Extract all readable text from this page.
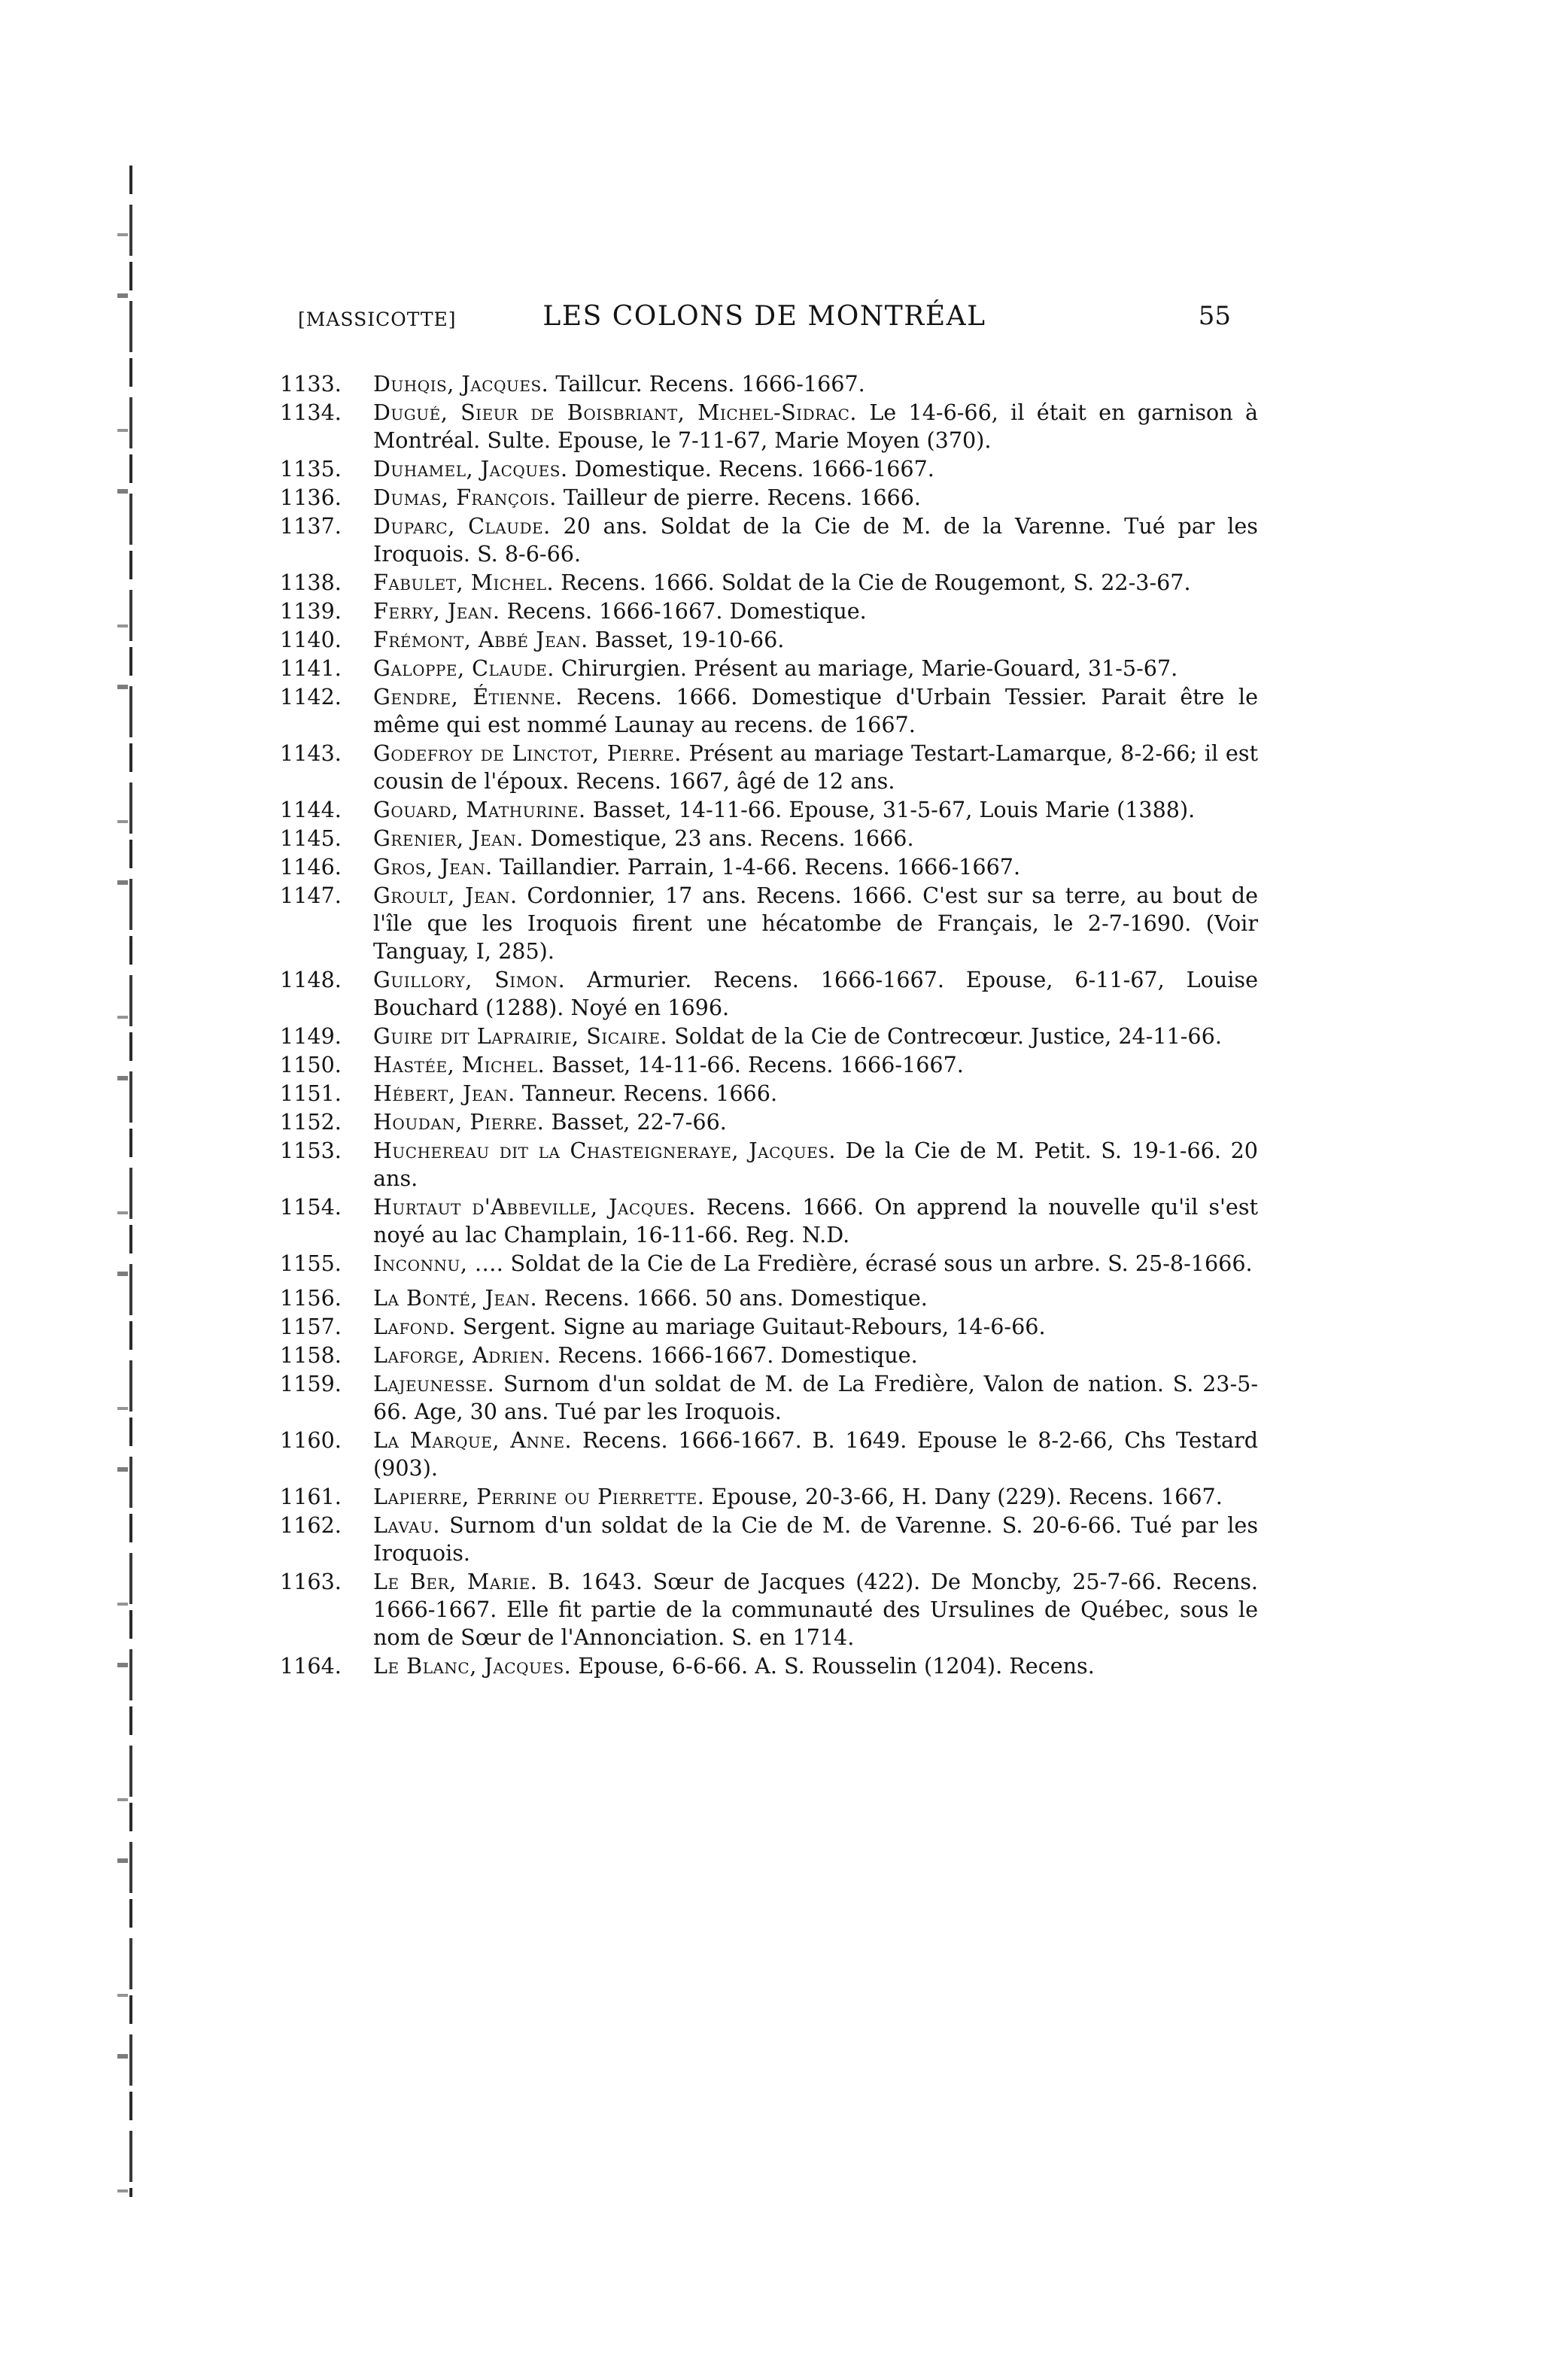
[MASSICOTTE]	LES COLONS DE MONTRÉAL	55
1133.	Duhqis, Jacques. Taillcur. Recens. 1666-1667.
1134.	Dugué, Sieur de Boisbriant, Michel-Sidrac. Le 14-6-66, il était en garnison à Montréal. Sulte. Epouse, le 7-11-67, Marie Moyen (370).
1135.	Duhamel, Jacques. Domestique. Recens. 1666-1667.
1136.	Dumas, François. Tailleur de pierre. Recens. 1666.
1137.	Duparc, Claude. 20 ans. Soldat de la Cie de M. de la Varenne. Tué par les Iroquois. S. 8-6-66.
1138.	Fabulet, Michel. Recens. 1666. Soldat de la Cie de Rougemont, S. 22-3-67.
1139.	Ferry, Jean. Recens. 1666-1667. Domestique.
1140.	Frémont, Abbé Jean. Basset, 19-10-66.
1141.	Galoppe, Claude. Chirurgien. Présent au mariage, Marie-Gouard, 31-5-67.
1142.	Gendre, Étienne. Recens. 1666. Domestique d'Urbain Tessier. Parait être le même qui est nommé Launay au recens. de 1667.
1143.	Godefroy de Linctot, Pierre. Présent au mariage Testart-Lamarque, 8-2-66; il est cousin de l'époux. Recens. 1667, âgé de 12 ans.
1144.	Gouard, Mathurine. Basset, 14-11-66. Epouse, 31-5-67, Louis Marie (1388).
1145.	Grenier, Jean. Domestique, 23 ans. Recens. 1666.
1146.	Gros, Jean. Taillandier. Parrain, 1-4-66. Recens. 1666-1667.
1147.	Groult, Jean. Cordonnier, 17 ans. Recens. 1666. C'est sur sa terre, au bout de l'île que les Iroquois firent une hécatombe de Français, le 2-7-1690. (Voir Tanguay, I, 285).
1148.	Guillory, Simon. Armurier. Recens. 1666-1667. Epouse, 6-11-67, Louise Bouchard (1288). Noyé en 1696.
1149.	Guire dit Laprairie, Sicaire. Soldat de la Cie de Contrecœur. Justice, 24-11-66.
1150.	Hastée, Michel. Basset, 14-11-66. Recens. 1666-1667.
1151.	Hébert, Jean. Tanneur. Recens. 1666.
1152.	Houdan, Pierre. Basset, 22-7-66.
1153.	Huchereau dit la Chasteigneraye, Jacques. De la Cie de M. Petit. S. 19-1-66. 20 ans.
1154.	Hurtaut d'Abbeville, Jacques. Recens. 1666. On apprend la nouvelle qu'il s'est noyé au lac Champlain, 16-11-66. Reg. N.D.
1155.	Inconnu, .... Soldat de la Cie de La Fredière, écrasé sous un arbre. S. 25-8-1666.
1156.	La Bonté, Jean. Recens. 1666. 50 ans. Domestique.
1157.	Lafond. Sergent. Signe au mariage Guitaut-Rebours, 14-6-66.
1158.	Laforge, Adrien. Recens. 1666-1667. Domestique.
1159.	Lajeunesse. Surnom d'un soldat de M. de La Fredière, Valon de nation. S. 23-5-66. Age, 30 ans. Tué par les Iroquois.
1160.	La Marque, Anne. Recens. 1666-1667. B. 1649. Epouse le 8-2-66, Chs Testard (903).
1161.	Lapierre, Perrine ou Pierrette. Epouse, 20-3-66, H. Dany (229). Recens. 1667.
1162.	Lavau. Surnom d'un soldat de la Cie de M. de Varenne. S. 20-6-66. Tué par les Iroquois.
1163.	Le Ber, Marie. B. 1643. Sœur de Jacques (422). De Moncby, 25-7-66. Recens. 1666-1667. Elle fit partie de la communauté des Ursulines de Québec, sous le nom de Sœur de l'Annonciation. S. en 1714.
1164.	Le Blanc, Jacques. Epouse, 6-6-66. A. S. Rousselin (1204). Recens.
